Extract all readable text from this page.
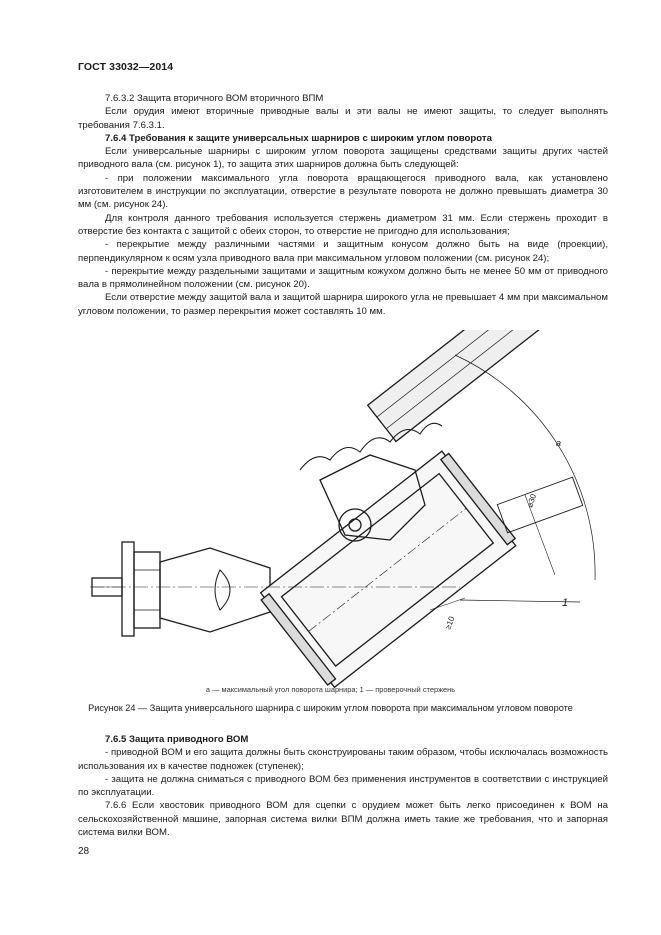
ГОСТ 33032—2014

7.6.3.2 Защита вторичного ВОМ вторичного ВПМ

Если орудия имеют вторичные приводные валы и эти валы не имеют защиты, то следует выполнять требования 7.6.3.1.

7.6.4 Требования к защите универсальных шарниров с широким углом поворота

Если универсальные шарниры с широким углом поворота защищены средствами защиты других частей приводного вала (см. рисунок 1), то защита этих шарниров должна быть следующей:

- при положении максимального угла поворота вращающегося приводного вала, как установлено изготовителем в инструкции по эксплуатации, отверстие в результате поворота не должно превышать диаметра 30 мм (см. рисунок 24).

Для контроля данного требования используется стержень диаметром 31 мм. Если стержень проходит в отверстие без контакта с защитой с обеих сторон, то отверстие не пригодно для использования;

- перекрытие между различными частями и защитным конусом должно быть на виде (проекции), перпендикулярном к осям узла приводного вала при максимальном угловом положении (см. рисунок 24);

- перекрытие между раздельными защитами и защитным кожухом должно быть не менее 50 мм от приводного вала в прямолинейном положении (см. рисунок 20).

Если отверстие между защитой вала и защитой шарнира широкого угла не превышает 4 мм при максимальном угловом положении, то размер перекрытия может составлять 10 мм.

a
⌀30
≥10
1
a — максимальный угол поворота шарнира; 1 — проверочный стержень
Рисунок 24 — Защита универсального шарнира с широким углом поворота при максимальном угловом повороте

7.6.5 Защита приводного ВОМ

- приводной ВОМ и его защита должны быть сконструированы таким образом, чтобы исключалась возможность использования их в качестве подножек (ступенек);

- защита не должна сниматься с приводного ВОМ без применения инструментов в соответствии с инструкцией по эксплуатации.

7.6.6 Если хвостовик приводного ВОМ для сцепки с орудием может быть легко присоединен к ВОМ на сельскохозяйственной машине, запорная система вилки ВПМ должна иметь такие же требования, что и запорная система вилки ВОМ.

28
